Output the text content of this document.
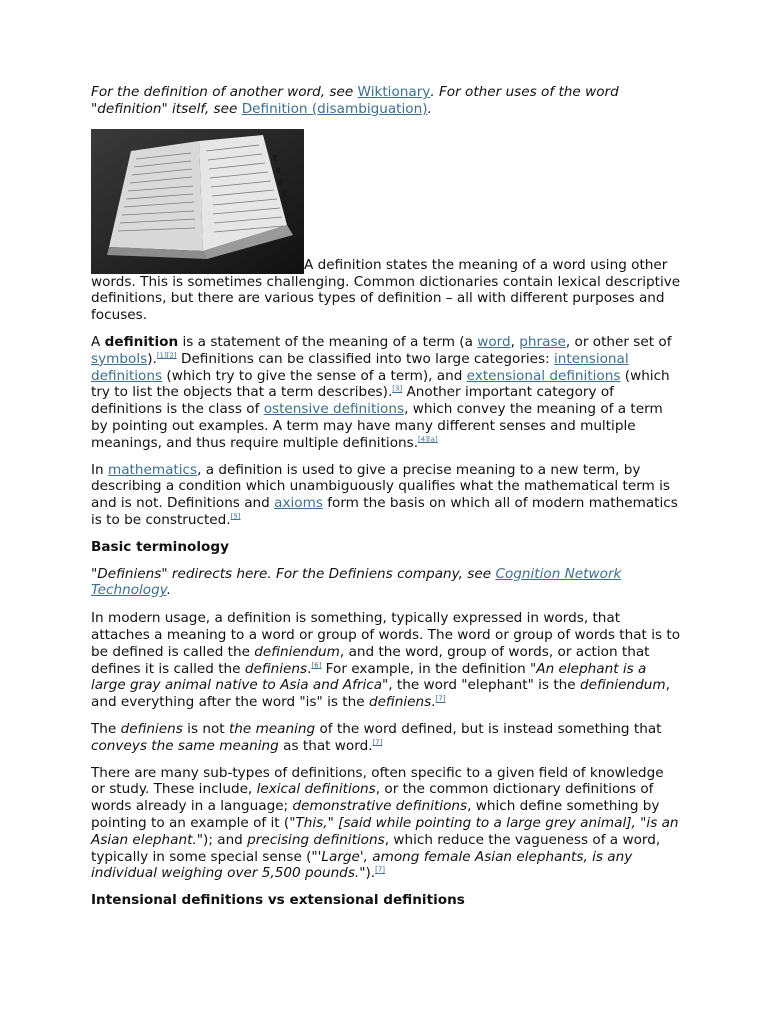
For the definition of another word, see Wiktionary. For other uses of the word "definition" itself, see Definition (disambiguation).

A definition states the meaning of a word using other words. This is sometimes challenging. Common dictionaries contain lexical descriptive definitions, but there are various types of definition – all with different purposes and focuses.

A definition is a statement of the meaning of a term (a word, phrase, or other set of symbols).[1][2] Definitions can be classified into two large categories: intensional definitions (which try to give the sense of a term), and extensional definitions (which try to list the objects that a term describes).[3] Another important category of definitions is the class of ostensive definitions, which convey the meaning of a term by pointing out examples. A term may have many different senses and multiple meanings, and thus require multiple definitions.[4][a]

In mathematics, a definition is used to give a precise meaning to a new term, by describing a condition which unambiguously qualifies what the mathematical term is and is not. Definitions and axioms form the basis on which all of modern mathematics is to be constructed.[5]

Basic terminology

"Definiens" redirects here. For the Definiens company, see Cognition Network Technology.

In modern usage, a definition is something, typically expressed in words, that attaches a meaning to a word or group of words. The word or group of words that is to be defined is called the definiendum, and the word, group of words, or action that defines it is called the definiens.[6] For example, in the definition "An elephant is a large gray animal native to Asia and Africa", the word "elephant" is the definiendum, and everything after the word "is" is the definiens.[7]

The definiens is not the meaning of the word defined, but is instead something that conveys the same meaning as that word.[7]

There are many sub-types of definitions, often specific to a given field of knowledge or study. These include, lexical definitions, or the common dictionary definitions of words already in a language; demonstrative definitions, which define something by pointing to an example of it ("This," [said while pointing to a large grey animal], "is an Asian elephant."); and precising definitions, which reduce the vagueness of a word, typically in some special sense ("'Large', among female Asian elephants, is any individual weighing over 5,500 pounds.").[7]

Intensional definitions vs extensional definitions
